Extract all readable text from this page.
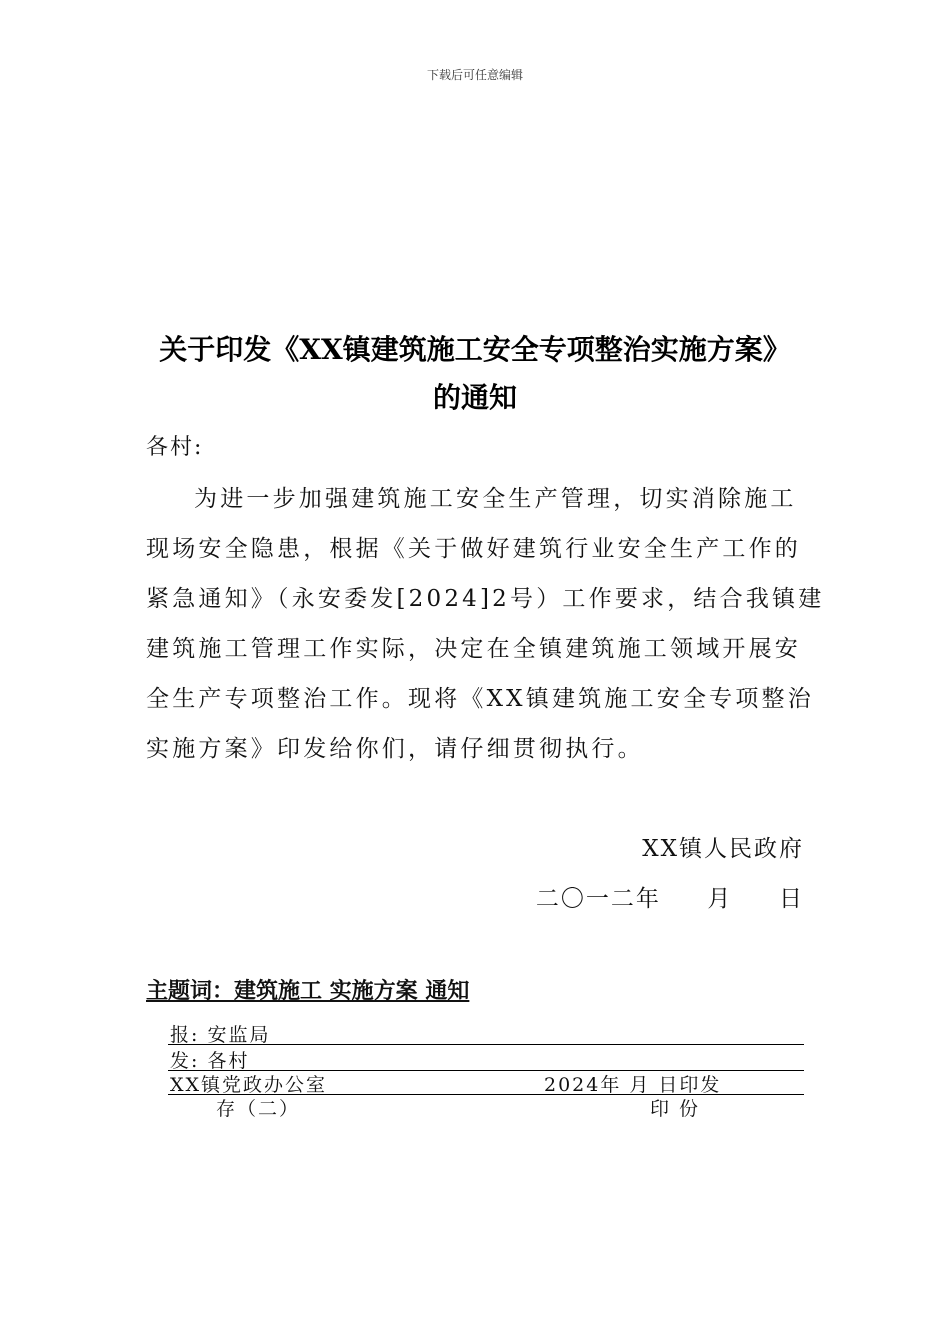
下载后可任意编辑
关于印发《XX镇建筑施工安全专项整治实施方案》
的通知
各村:
为进一步加强建筑施工安全生产管理，切实消除施工
现场安全隐患，根据《关于做好建筑行业安全生产工作的
紧急通知》（永安委发[2024]2号）工作要求，结合我镇建
建筑施工管理工作实际，决定在全镇建筑施工领域开展安
全生产专项整治工作。现将《XX镇建筑施工安全专项整治
实施方案》印发给你们，请仔细贯彻执行。
XX镇人民政府
二〇一二年     月     日
主题词：建筑施工 实施方案 通知
报: 安监局
发: 各村
XX镇党政办公室	2024年 月 日印发
存（二）	印 份
